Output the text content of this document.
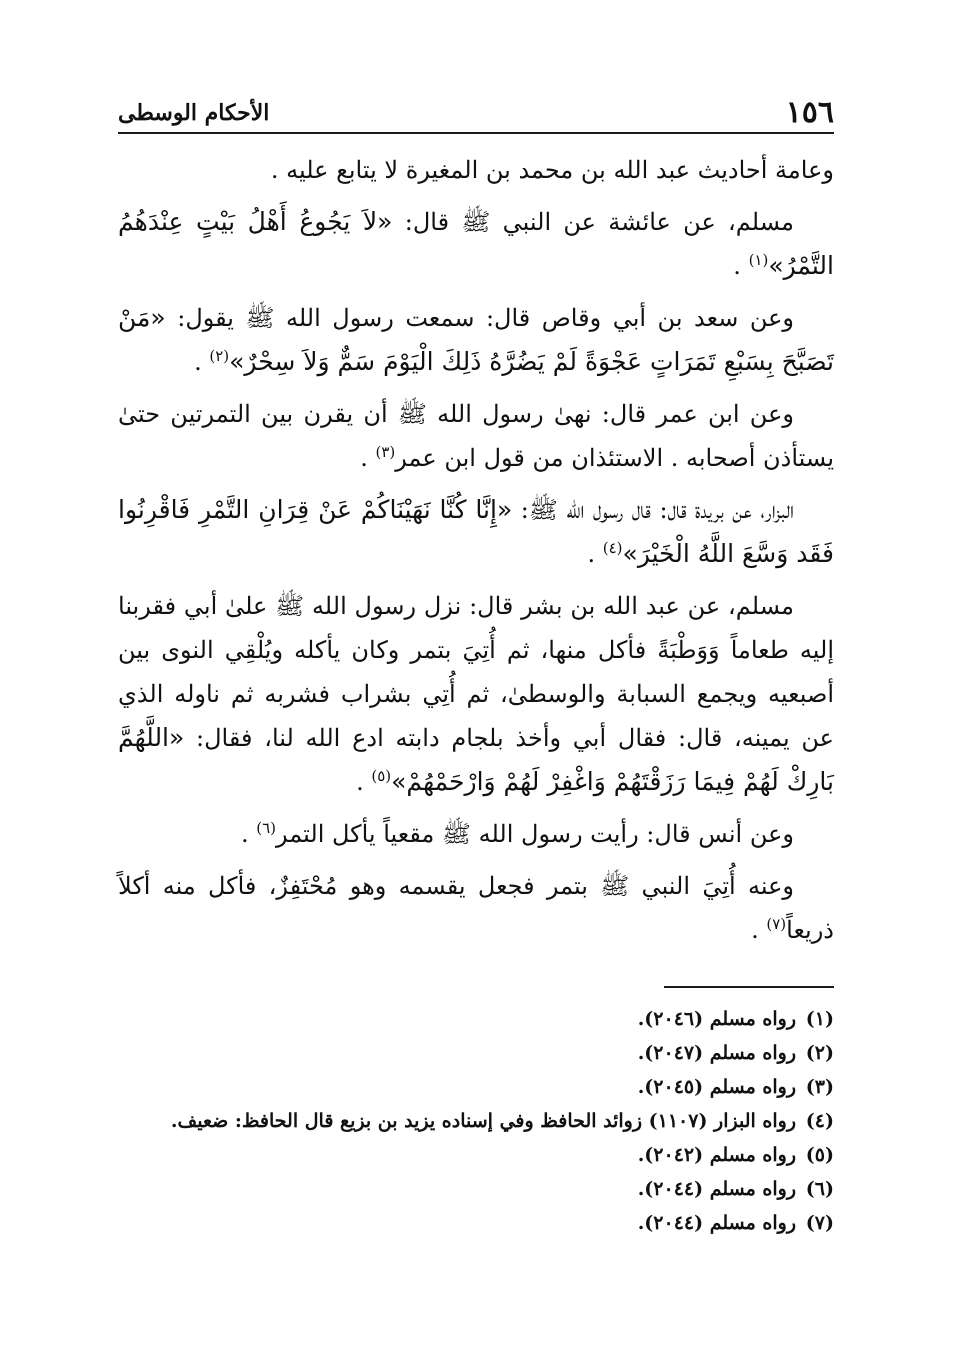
١٥٦
الأحكام الوسطى

وعامة أحاديث عبد الله بن محمد بن المغيرة لا يتابع عليه .

مسلم، عن عائشة عن النبي ﷺ قال: «لاَ يَجُوعُ أَهْلُ بَيْتٍ عِنْدَهُمُ التَّمْرُ»$^{(١)}$ .

وعن سعد بن أبي وقاص قال: سمعت رسول الله ﷺ يقول: «مَنْ تَصَبَّحَ بِسَبْعِ تَمَرَاتٍ عَجْوَةً لَمْ يَضُرَّهُ ذَلِكَ الْيَوْمَ سَمٌّ وَلاَ سِحْرٌ»$^{(٢)}$ .

وعن ابن عمر قال: نهىٰ رسول الله ﷺ أن يقرن بين التمرتين حتىٰ يستأذن أصحابه . الاستئذان من قول ابن عمر$^{(٣)}$ .

البزار، عن بريدة قال: قال رسول الله ﷺ: «إِنَّا كُنَّا نَهَيْنَاكُمْ عَنْ قِرَانِ التَّمْرِ فَاقْرِنُوا فَقَد وَسَّعَ اللَّهُ الْخَيْرَ»$^{(٤)}$ .

مسلم، عن عبد الله بن بشر قال: نزل رسول الله ﷺ علىٰ أبي فقربنا إليه طعاماً وَوَطْبَةً فأكل منها، ثم أُتِيَ بتمر وكان يأكله ويُلْقِي النوى بين أصبعيه ويجمع السبابة والوسطىٰ، ثم أُتِي بشراب فشربه ثم ناوله الذي عن يمينه، قال: فقال أبي وأخذ بلجام دابته ادع الله لنا، فقال: «اللَّهُمَّ بَارِكْ لَهُمْ فِيمَا رَزَقْتَهُمْ وَاغْفِرْ لَهُمْ وَارْحَمْهُمْ»$^{(٥)}$ .

وعن أنس قال: رأيت رسول الله ﷺ مقعياً يأكل التمر$^{(٦)}$ .

وعنه أُتِيَ النبي ﷺ بتمر فجعل يقسمه وهو مُحْتَفِزٌ، فأكل منه أكلاً ذريعاً$^{(٧)}$ .

(١)رواه مسلم (٢٠٤٦).
(٢)رواه مسلم (٢٠٤٧).
(٣)رواه مسلم (٢٠٤٥).
(٤)رواه البزار (١١٠٧) زوائد الحافظ وفي إسناده يزيد بن بزيع قال الحافظ: ضعيف.
(٥)رواه مسلم (٢٠٤٢).
(٦)رواه مسلم (٢٠٤٤).
(٧)رواه مسلم (٢٠٤٤).
